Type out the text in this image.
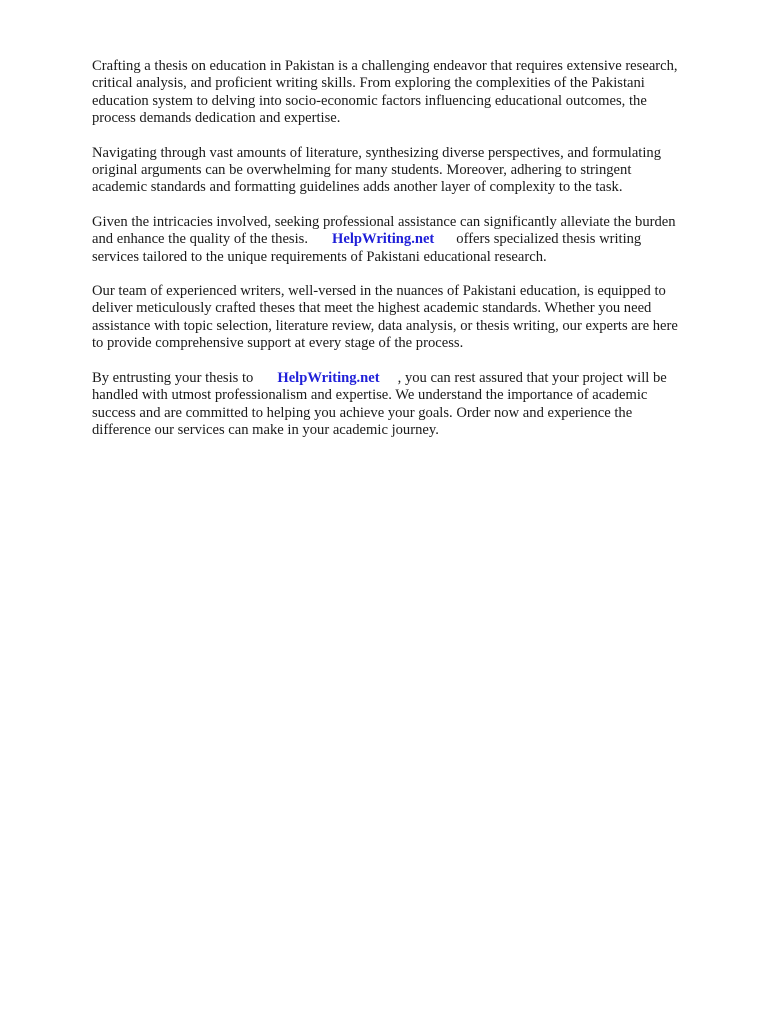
Crafting a thesis on education in Pakistan is a challenging endeavor that requires extensive research,
critical analysis, and proficient writing skills. From exploring the complexities of the Pakistani
education system to delving into socio-economic factors influencing educational outcomes, the
process demands dedication and expertise.

Navigating through vast amounts of literature, synthesizing diverse perspectives, and formulating
original arguments can be overwhelming for many students. Moreover, adhering to stringent
academic standards and formatting guidelines adds another layer of complexity to the task.

Given the intricacies involved, seeking professional assistance can significantly alleviate the burden
and enhance the quality of the thesis. HelpWriting.net offers specialized thesis writing
services tailored to the unique requirements of Pakistani educational research.

Our team of experienced writers, well-versed in the nuances of Pakistani education, is equipped to
deliver meticulously crafted theses that meet the highest academic standards. Whether you need
assistance with topic selection, literature review, data analysis, or thesis writing, our experts are here
to provide comprehensive support at every stage of the process.

By entrusting your thesis to HelpWriting.net , you can rest assured that your project will be
handled with utmost professionalism and expertise. We understand the importance of academic
success and are committed to helping you achieve your goals. Order now and experience the
difference our services can make in your academic journey.
